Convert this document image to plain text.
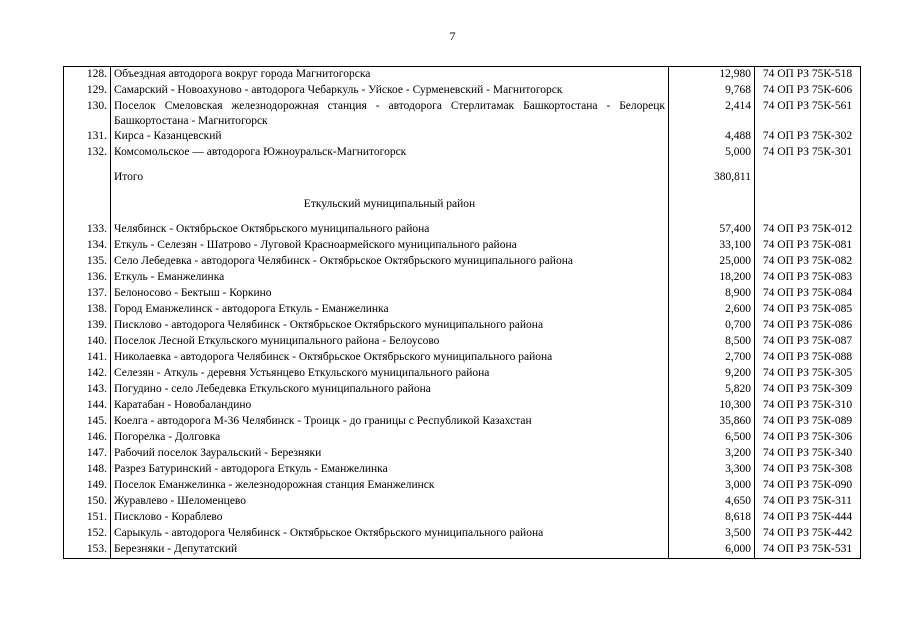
7
128.	Объездная автодорога вокруг города Магнитогорска	12,980	74 ОП РЗ 75К-518
129.	Самарский - Новоахуново - автодорога Чебаркуль - Уйское - Сурменевский - Магнитогорск	9,768	74 ОП РЗ 75К-606
130.	Поселок Смеловская железнодорожная станция - автодорога Стерлитамак Башкортостана - Белорецк Башкортостана - Магнитогорск	2,414	74 ОП РЗ 75К-561
131.	Кирса - Казанцевский	4,488	74 ОП РЗ 75К-302
132.	Комсомольское — автодорога Южноуральск-Магнитогорск	5,000	74 ОП РЗ 75К-301
	Итого	380,811	
	Еткульский муниципальный район		

133.	Челябинск - Октябрьское Октябрьского муниципального района	57,400	74 ОП РЗ 75К-012
134.	Еткуль - Селезян - Шатрово - Луговой Красноармейского муниципального района	33,100	74 ОП РЗ 75К-081
135.	Село Лебедевка - автодорога Челябинск - Октябрьское Октябрьского муниципального района	25,000	74 ОП РЗ 75К-082
136.	Еткуль - Еманжелинка	18,200	74 ОП РЗ 75К-083
137.	Белоносово - Бектыш - Коркино	8,900	74 ОП РЗ 75К-084
138.	Город Еманжелинск - автодорога Еткуль - Еманжелинка	2,600	74 ОП РЗ 75К-085
139.	Писклово - автодорога Челябинск - Октябрьское Октябрьского муниципального района	0,700	74 ОП РЗ 75К-086
140.	Поселок Лесной Еткульского муниципального района - Белоусово	8,500	74 ОП РЗ 75К-087
141.	Николаевка - автодорога Челябинск - Октябрьское Октябрьского муниципального района	2,700	74 ОП РЗ 75К-088
142.	Селезян - Аткуль - деревня Устьянцево Еткульского муниципального района	9,200	74 ОП РЗ 75К-305
143.	Погудино - село Лебедевка Еткульского муниципального района	5,820	74 ОП РЗ 75К-309
144.	Каратабан - Новобаландино	10,300	74 ОП РЗ 75К-310
145.	Коелга - автодорога М-36 Челябинск - Троицк - до границы с Республикой Казахстан	35,860	74 ОП РЗ 75К-089
146.	Погорелка - Долговка	6,500	74 ОП РЗ 75К-306
147.	Рабочий поселок Зауральский - Березняки	3,200	74 ОП РЗ 75К-340
148.	Разрез Батуринский - автодорога Еткуль - Еманжелинка	3,300	74 ОП РЗ 75К-308
149.	Поселок Еманжелинка - железнодорожная станция Еманжелинск	3,000	74 ОП РЗ 75К-090
150.	Журавлево - Шеломенцево	4,650	74 ОП РЗ 75К-311
151.	Писклово - Кораблево	8,618	74 ОП РЗ 75К-444
152.	Сарыкуль - автодорога Челябинск - Октябрьское Октябрьского муниципального района	3,500	74 ОП РЗ 75К-442
153.	Березняки - Депутатский	6,000	74 ОП РЗ 75К-531
